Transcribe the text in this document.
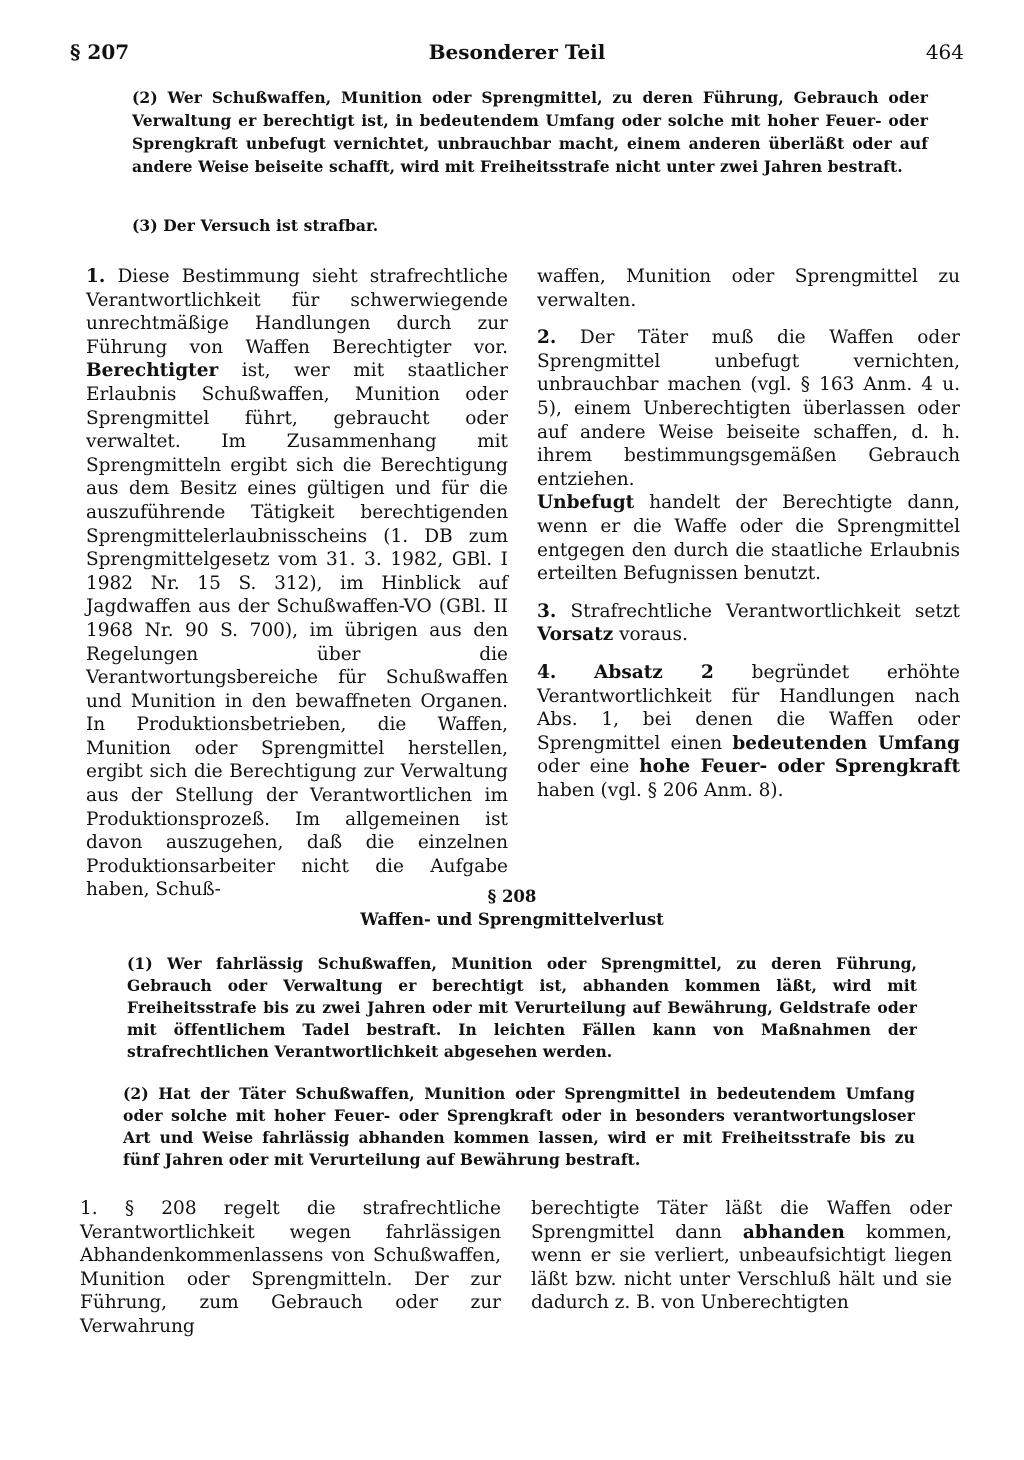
§ 207	Besonderer Teil	464

(2) Wer Schußwaffen, Munition oder Sprengmittel, zu deren Führung, Gebrauch oder Verwaltung er berechtigt ist, in bedeutendem Umfang oder solche mit hoher Feuer- oder Sprengkraft unbefugt vernichtet, unbrauchbar macht, einem anderen überläßt oder auf andere Weise beiseite schafft, wird mit Freiheitsstrafe nicht unter zwei Jahren bestraft.

(3) Der Versuch ist strafbar.

1. Diese Bestimmung sieht strafrechtliche Verantwortlichkeit für schwerwiegende unrechtmäßige Handlungen durch zur Führung von Waffen Berechtigter vor. Berechtigter ist, wer mit staatlicher Erlaubnis Schußwaffen, Munition oder Sprengmittel führt, gebraucht oder verwaltet. Im Zusammenhang mit Sprengmitteln ergibt sich die Berechtigung aus dem Besitz eines gültigen und für die auszuführende Tätigkeit berechtigenden Sprengmittelerlaubnisscheins (1. DB zum Sprengmittelgesetz vom 31. 3. 1982, GBl. I 1982 Nr. 15 S. 312), im Hinblick auf Jagdwaffen aus der Schußwaffen-VO (GBl. II 1968 Nr. 90 S. 700), im übrigen aus den Regelungen über die Verantwortungsbereiche für Schußwaffen und Munition in den bewaffneten Organen. In Produktionsbetrieben, die Waffen, Munition oder Sprengmittel herstellen, ergibt sich die Berechtigung zur Verwaltung aus der Stellung der Verantwortlichen im Produktionsprozeß. Im allgemeinen ist davon auszugehen, daß die einzelnen Produktionsarbeiter nicht die Aufgabe haben, Schuß-

waffen, Munition oder Sprengmittel zu verwalten.

2. Der Täter muß die Waffen oder Sprengmittel unbefugt vernichten, unbrauchbar machen (vgl. § 163 Anm. 4 u. 5), einem Unberechtigten überlassen oder auf andere Weise beiseite schaffen, d. h. ihrem bestimmungsgemäßen Gebrauch entziehen.

Unbefugt handelt der Berechtigte dann, wenn er die Waffe oder die Sprengmittel entgegen den durch die staatliche Erlaubnis erteilten Befugnissen benutzt.

3. Strafrechtliche Verantwortlichkeit setzt Vorsatz voraus.

4. Absatz 2 begründet erhöhte Verantwortlichkeit für Handlungen nach Abs. 1, bei denen die Waffen oder Sprengmittel einen bedeutenden Umfang oder eine hohe Feuer- oder Sprengkraft haben (vgl. § 206 Anm. 8).

§ 208
Waffen- und Sprengmittelverlust

(1) Wer fahrlässig Schußwaffen, Munition oder Sprengmittel, zu deren Führung, Gebrauch oder Verwaltung er berechtigt ist, abhanden kommen läßt, wird mit Freiheitsstrafe bis zu zwei Jahren oder mit Verurteilung auf Bewährung, Geldstrafe oder mit öffentlichem Tadel bestraft. In leichten Fällen kann von Maßnahmen der strafrechtlichen Verantwortlichkeit abgesehen werden.

(2) Hat der Täter Schußwaffen, Munition oder Sprengmittel in bedeutendem Umfang oder solche mit hoher Feuer- oder Sprengkraft oder in besonders verantwortungsloser Art und Weise fahrlässig abhanden kommen lassen, wird er mit Freiheitsstrafe bis zu fünf Jahren oder mit Verurteilung auf Bewährung bestraft.

1. § 208 regelt die strafrechtliche Verantwortlichkeit wegen fahrlässigen Abhandenkommenlassens von Schußwaffen, Munition oder Sprengmitteln. Der zur Führung, zum Gebrauch oder zur Verwahrung

berechtigte Täter läßt die Waffen oder Sprengmittel dann abhanden kommen, wenn er sie verliert, unbeaufsichtigt liegen läßt bzw. nicht unter Verschluß hält und sie dadurch z. B. von Unberechtigten
